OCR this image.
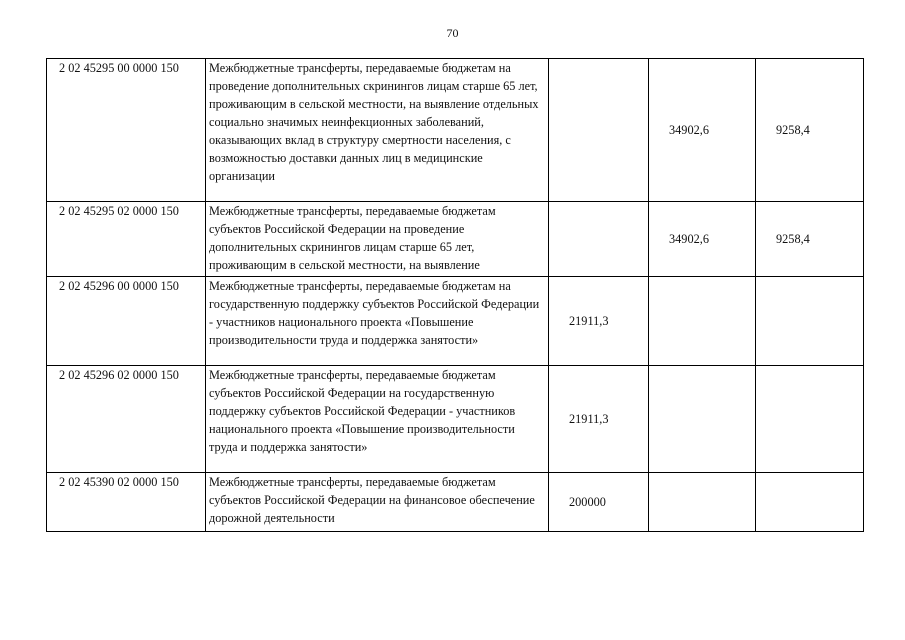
70
2 02 45295 00 0000 150	Межбюджетные трансферты, передаваемые бюджетам на проведение дополнительных скринингов лицам старше 65 лет, проживающим в сельской местности, на выявление отдельных социально значимых неинфекционных заболеваний, оказывающих вклад в структуру смертности населения, с возможностью доставки данных лиц в медицинские организации		34902,6	9258,4
2 02 45295 02 0000 150	Межбюджетные трансферты, передаваемые бюджетам субъектов Российской Федерации на проведение дополнительных скринингов лицам старше 65 лет, проживающим в сельской местности, на выявление		34902,6	9258,4
2 02 45296 00 0000 150	Межбюджетные трансферты, передаваемые бюджетам на государственную поддержку субъектов Российской Федерации - участников национального проекта «Повышение производительности труда и поддержка занятости»	21911,3		
2 02 45296 02 0000 150	Межбюджетные трансферты, передаваемые бюджетам субъектов Российской Федерации на государственную поддержку субъектов Российской Федерации - участников национального проекта «Повышение производительности труда и поддержка занятости»	21911,3		
2 02 45390 02 0000 150	Межбюджетные трансферты, передаваемые бюджетам субъектов Российской Федерации на финансовое обеспечение дорожной деятельности	200000		
